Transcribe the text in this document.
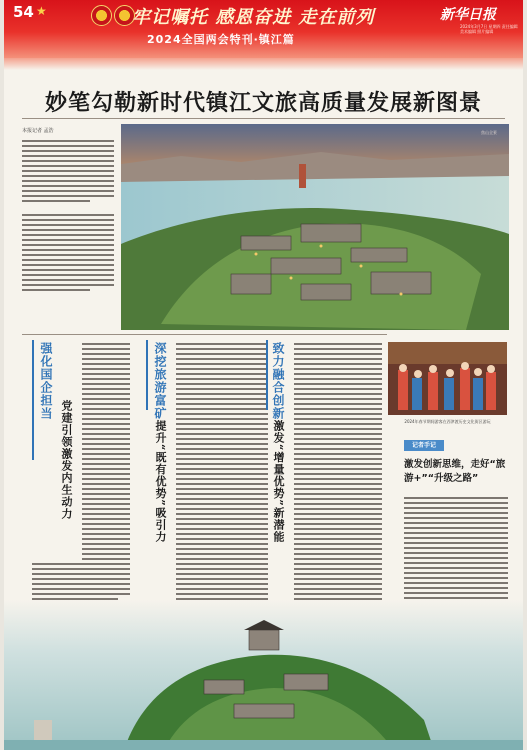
54 ★	牢记嘱托 感恩奋进 走在前列
2024全国两会特刊·镇江篇
新华日报
2024年3月7日 星期四 责任编辑 美术编辑 照片编辑
妙笔勾勒新时代镇江文旅高质量发展新图景
本报记者 孟浩	焦山全景
强化国企担当
党建引领激发内生动力
深挖旅游富矿
提升“既有优势”吸引力
致力融合创新
激发“增量优势”新潜能	2024年春节期间游客在西津渡历史文化街区游玩
记者手记
激发创新思维，走好“旅游+”“升级之路”
